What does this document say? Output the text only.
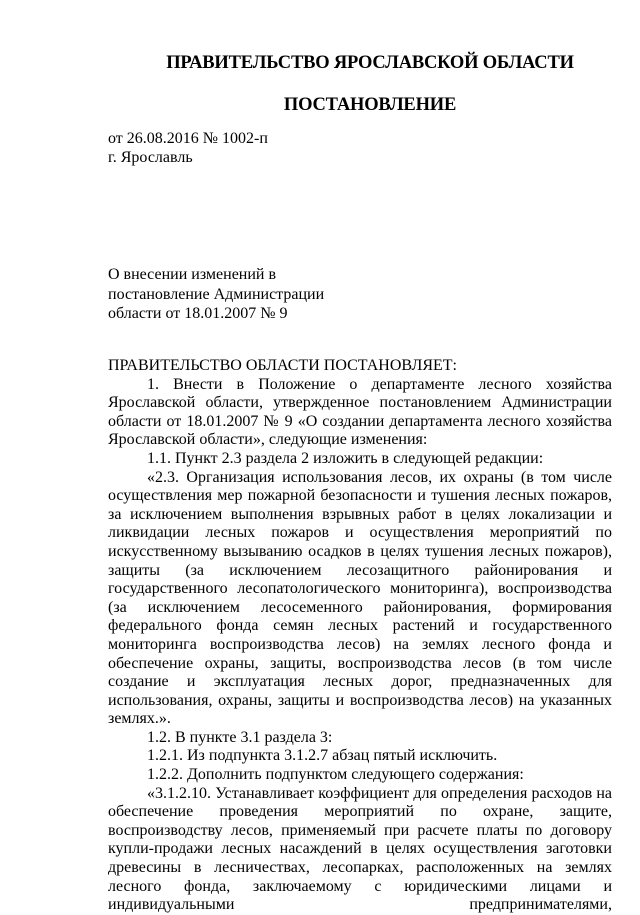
ПРАВИТЕЛЬСТВО ЯРОСЛАВСКОЙ ОБЛАСТИ
ПОСТАНОВЛЕНИЕ
от 26.08.2016 № 1002-п
г. Ярославль
О внесении изменений в
постановление Администрации
области от 18.01.2007 № 9

ПРАВИТЕЛЬСТВО ОБЛАСТИ ПОСТАНОВЛЯЕТ:

1. Внести в Положение о департаменте лесного хозяйства Ярославской области, утвержденное постановлением Администрации области от 18.01.2007 № 9 «О создании департамента лесного хозяйства Ярославской области», следующие изменения:

1.1. Пункт 2.3 раздела 2 изложить в следующей редакции:

«2.3. Организация использования лесов, их охраны (в том числе осуществления мер пожарной безопасности и тушения лесных пожаров, за исключением выполнения взрывных работ в целях локализации и ликвидации лесных пожаров и осуществления мероприятий по искусственному вызыванию осадков в целях тушения лесных пожаров), защиты (за исключением лесозащитного районирования и государственного лесопатологического мониторинга), воспроизводства (за исключением лесосеменного районирования, формирования федерального фонда семян лесных растений и государственного мониторинга воспроизводства лесов) на землях лесного фонда и обеспечение охраны, защиты, воспроизводства лесов (в том числе создание и эксплуатация лесных дорог, предназначенных для использования, охраны, защиты и воспроизводства лесов) на указанных землях.».

1.2. В пункте 3.1 раздела 3:

1.2.1. Из подпункта 3.1.2.7 абзац пятый исключить.

1.2.2. Дополнить подпунктом следующего содержания:

«3.1.2.10. Устанавливает коэффициент для определения расходов на обеспечение проведения мероприятий по охране, защите, воспроизводству лесов, применяемый при расчете платы по договору купли-продажи лесных насаждений в целях осуществления заготовки древесины в лесничествах, лесопарках, расположенных на землях лесного фонда, заключаемому с юридическими лицами и индивидуальными предпринимателями,
